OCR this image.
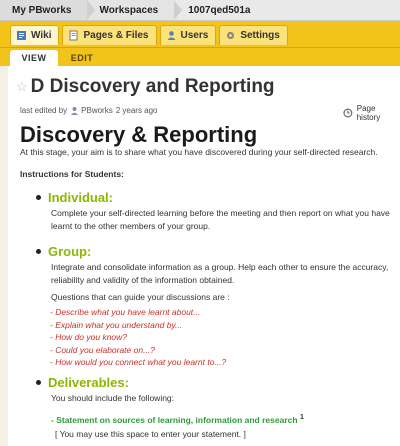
My PBworks	Workspaces	1007qed501a
Wiki	Pages & Files	Users	Settings
VIEW	EDIT
☆ D Discovery and Reporting
last edited by PBworks 2 years ago	Page history
Discovery & Reporting
At this stage, your aim is to share what you have discovered during your self-directed research.
Instructions for Students:
Individual:
Complete your self-directed learning before the meeting and then report on what you have learnt to the other members of your group.
Group:
Integrate and consolidate information as a group. Help each other to ensure the accuracy, reliability and validity of the information obtained.
Questions that can guide your discussions are :
- Describe what you have learnt about...
- Explain what you understand by...
- How do you know?
- Could you elaborate on...?
- How would you connect what you learnt to...?
Deliverables:
You should include the following:
- Statement on sources of learning, information and research $^1$
[ You may use this space to enter your statement. ]
